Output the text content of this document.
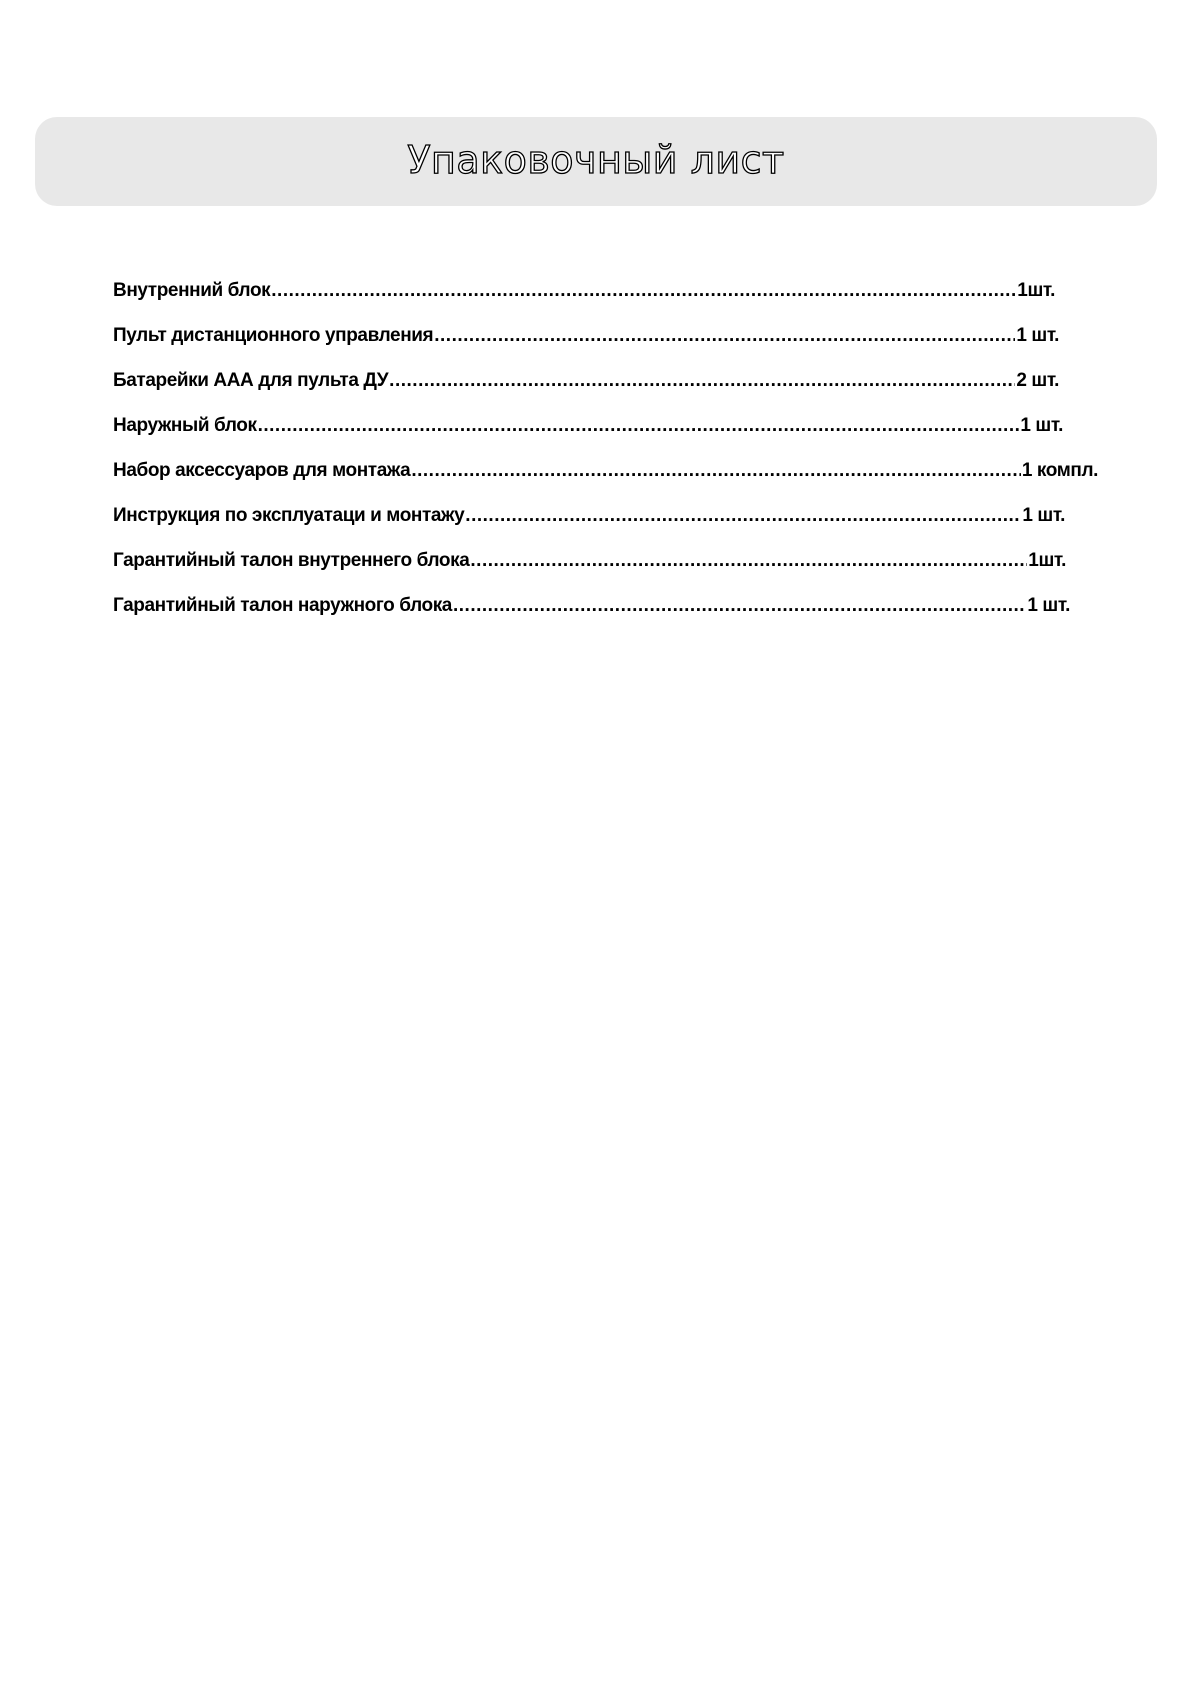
Упаковочный лист
Внутренний блок .....	1шт.
Пульт дистанционного управления .....	1 шт.
Батарейки ААА для пульта ДУ .....	2 шт.
Наружный блок .....	1 шт.
Набор аксессуаров для монтажа .....	1 компл.
Инструкция по эксплуатаци и монтажу .....	1 шт.
Гарантийный талон внутреннего блока .....	1шт.
Гарантийный талон наружного блока .....	1 шт.
